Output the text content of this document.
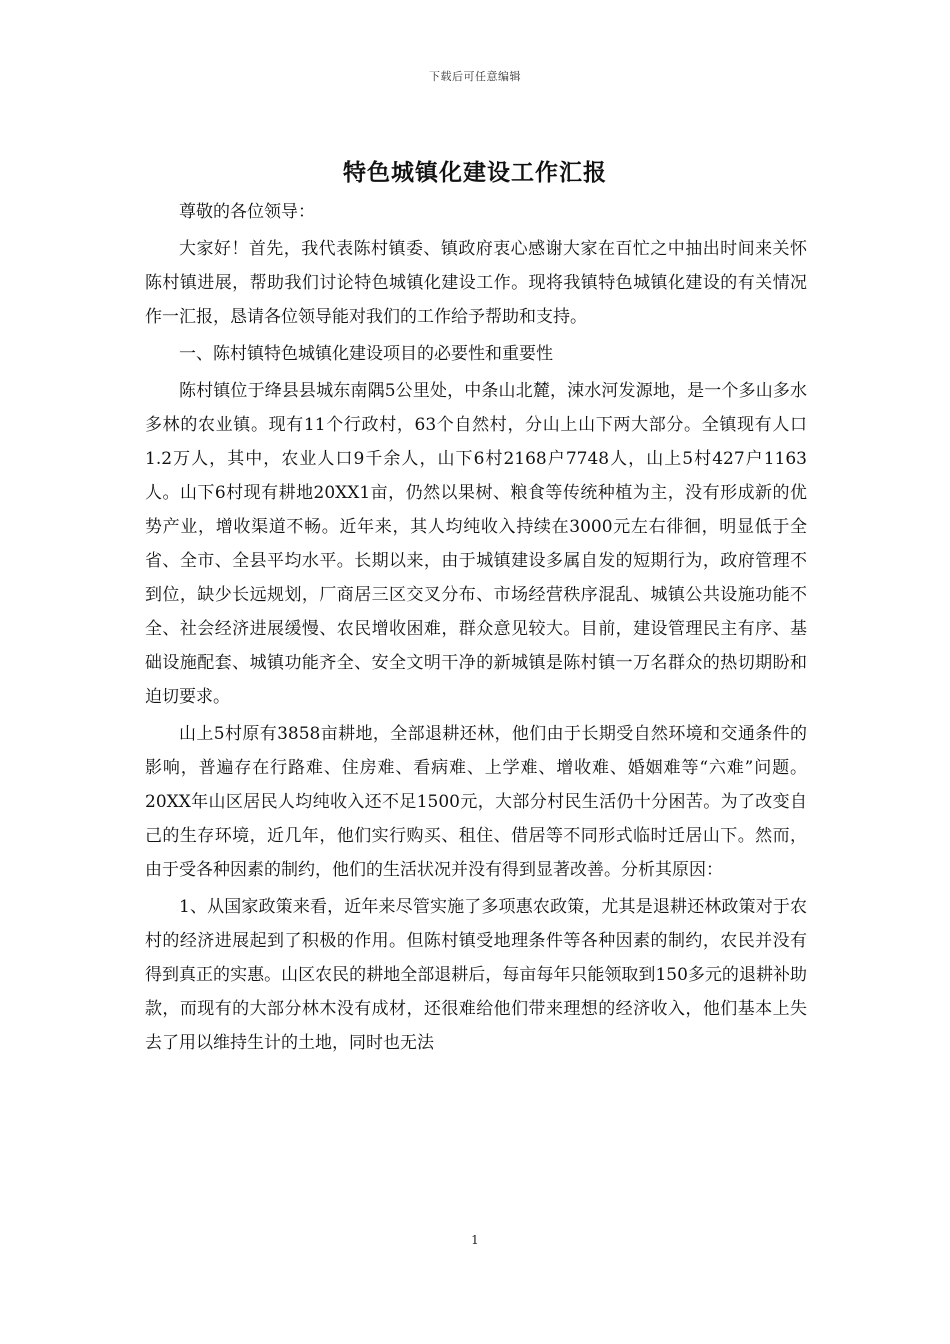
下载后可任意编辑
特色城镇化建设工作汇报

尊敬的各位领导：

大家好！首先，我代表陈村镇委、镇政府衷心感谢大家在百忙之中抽出时间来关怀陈村镇进展，帮助我们讨论特色城镇化建设工作。现将我镇特色城镇化建设的有关情况作一汇报，恳请各位领导能对我们的工作给予帮助和支持。

一、陈村镇特色城镇化建设项目的必要性和重要性

陈村镇位于绛县县城东南隅5公里处，中条山北麓，涑水河发源地，是一个多山多水多林的农业镇。现有11个行政村，63个自然村，分山上山下两大部分。全镇现有人口1.2万人，其中，农业人口9千余人，山下6村2168户7748人，山上5村427户1163人。山下6村现有耕地20XX1亩，仍然以果树、粮食等传统种植为主，没有形成新的优势产业，增收渠道不畅。近年来，其人均纯收入持续在3000元左右徘徊，明显低于全省、全市、全县平均水平。长期以来，由于城镇建设多属自发的短期行为，政府管理不到位，缺少长远规划，厂商居三区交叉分布、市场经营秩序混乱、城镇公共设施功能不全、社会经济进展缓慢、农民增收困难，群众意见较大。目前，建设管理民主有序、基础设施配套、城镇功能齐全、安全文明干净的新城镇是陈村镇一万名群众的热切期盼和迫切要求。

山上5村原有3858亩耕地，全部退耕还林，他们由于长期受自然环境和交通条件的影响，普遍存在行路难、住房难、看病难、上学难、增收难、婚姻难等“六难”问题。20XX年山区居民人均纯收入还不足1500元，大部分村民生活仍十分困苦。为了改变自己的生存环境，近几年，他们实行购买、租住、借居等不同形式临时迁居山下。然而，由于受各种因素的制约，他们的生活状况并没有得到显著改善。分析其原因：

1、从国家政策来看，近年来尽管实施了多项惠农政策，尤其是退耕还林政策对于农村的经济进展起到了积极的作用。但陈村镇受地理条件等各种因素的制约，农民并没有得到真正的实惠。山区农民的耕地全部退耕后，每亩每年只能领取到150多元的退耕补助款，而现有的大部分林木没有成材，还很难给他们带来理想的经济收入，他们基本上失去了用以维持生计的土地，同时也无法

1
